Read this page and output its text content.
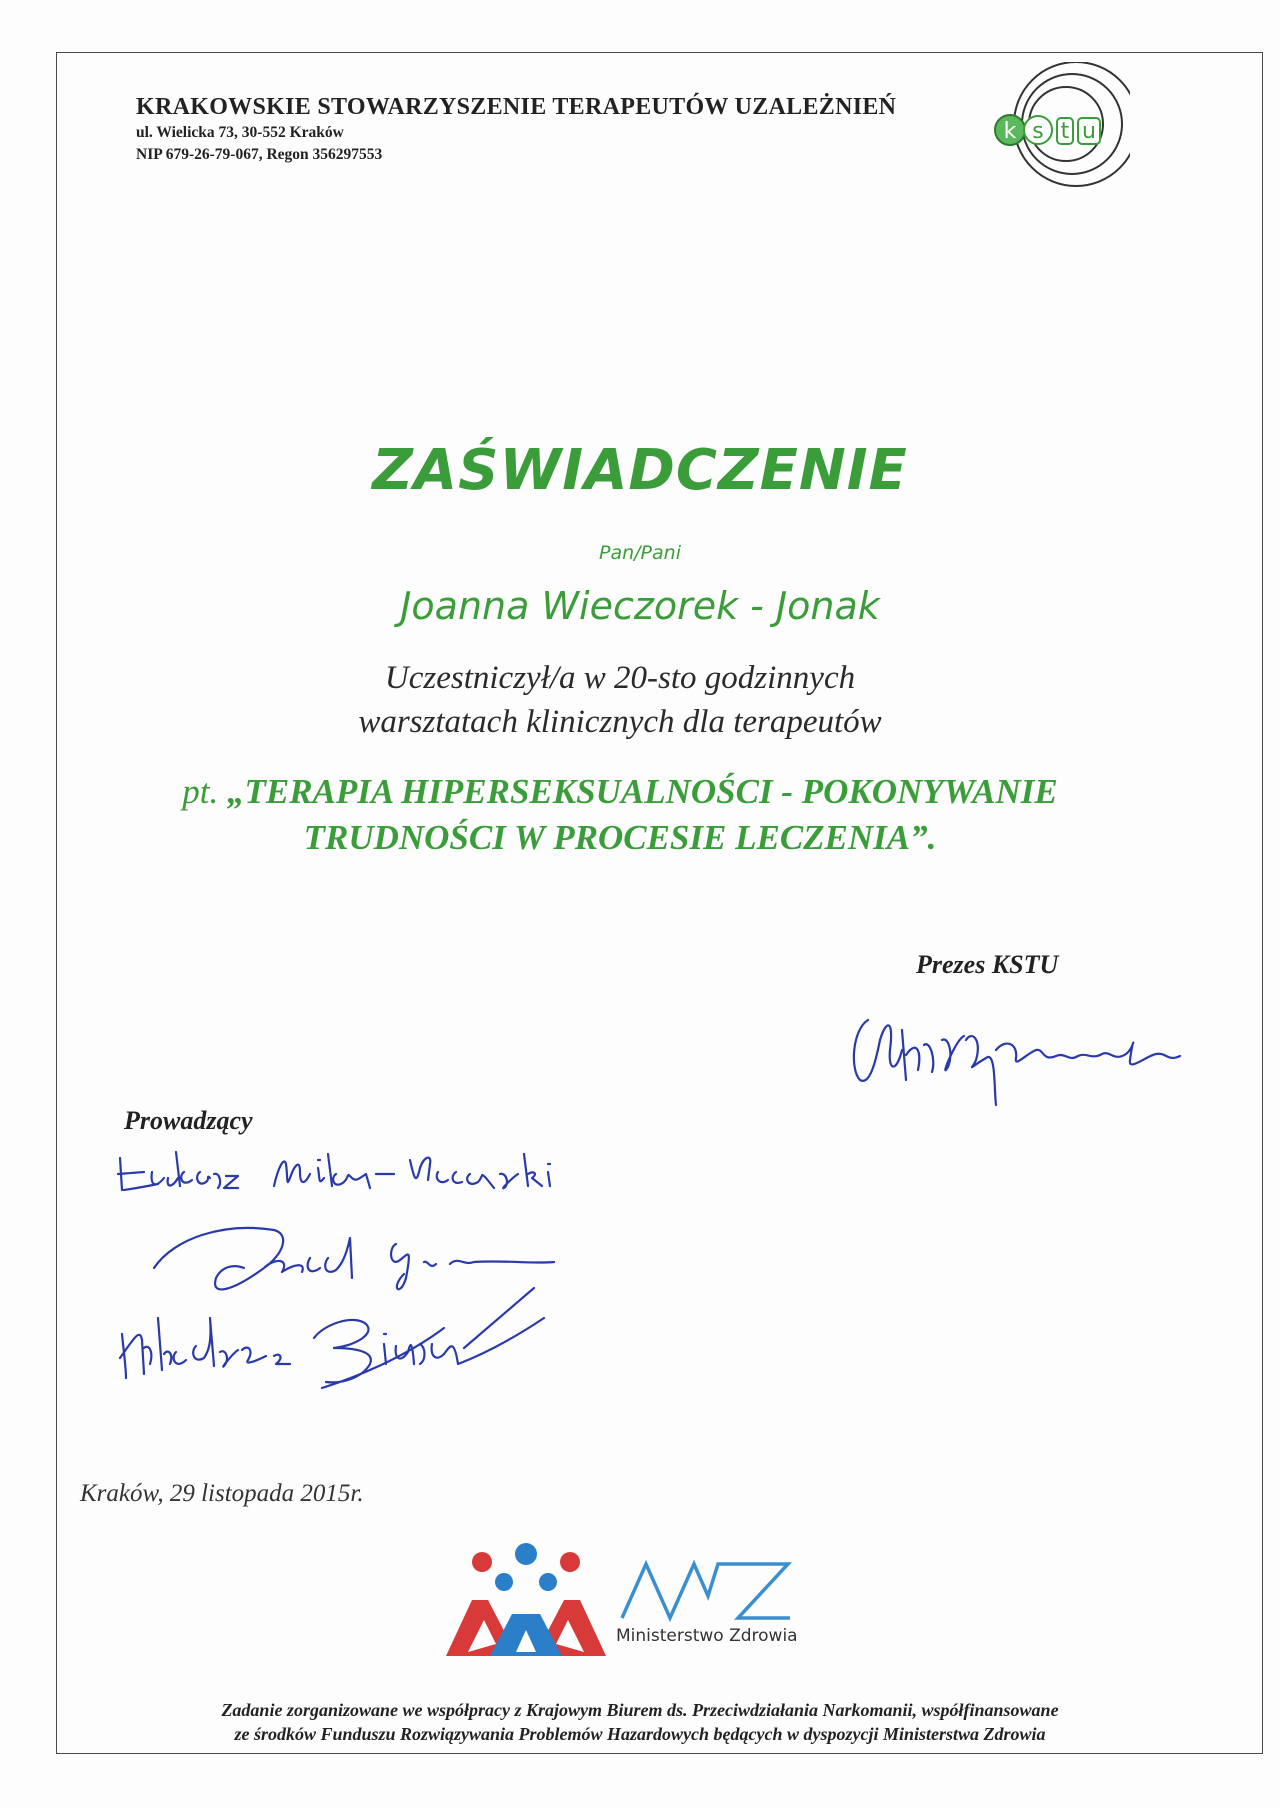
KRAKOWSKIE STOWARZYSZENIE TERAPEUTÓW UZALEŻNIEŃ
ul. Wielicka 73, 30-552 Kraków
NIP 679-26-79-067, Regon 356297553
k s t u
ZAŚWIADCZENIE
Pan/Pani
Joanna Wieczorek - Jonak
Uczestniczył/a w 20-sto godzinnych
warsztatach klinicznych dla terapeutów
pt. „TERAPIA HIPERSEKSUALNOŚCI - POKONYWANIE
TRUDNOŚCI W PROCESIE LECZENIA”.
Prezes KSTU
Prowadzący
Kraków, 29 listopada 2015r.
Ministerstwo Zdrowia
Zadanie zorganizowane we współpracy z Krajowym Biurem ds. Przeciwdziałania Narkomanii, współfinansowane
ze środków Funduszu Rozwiązywania Problemów Hazardowych będących w dyspozycji Ministerstwa Zdrowia
